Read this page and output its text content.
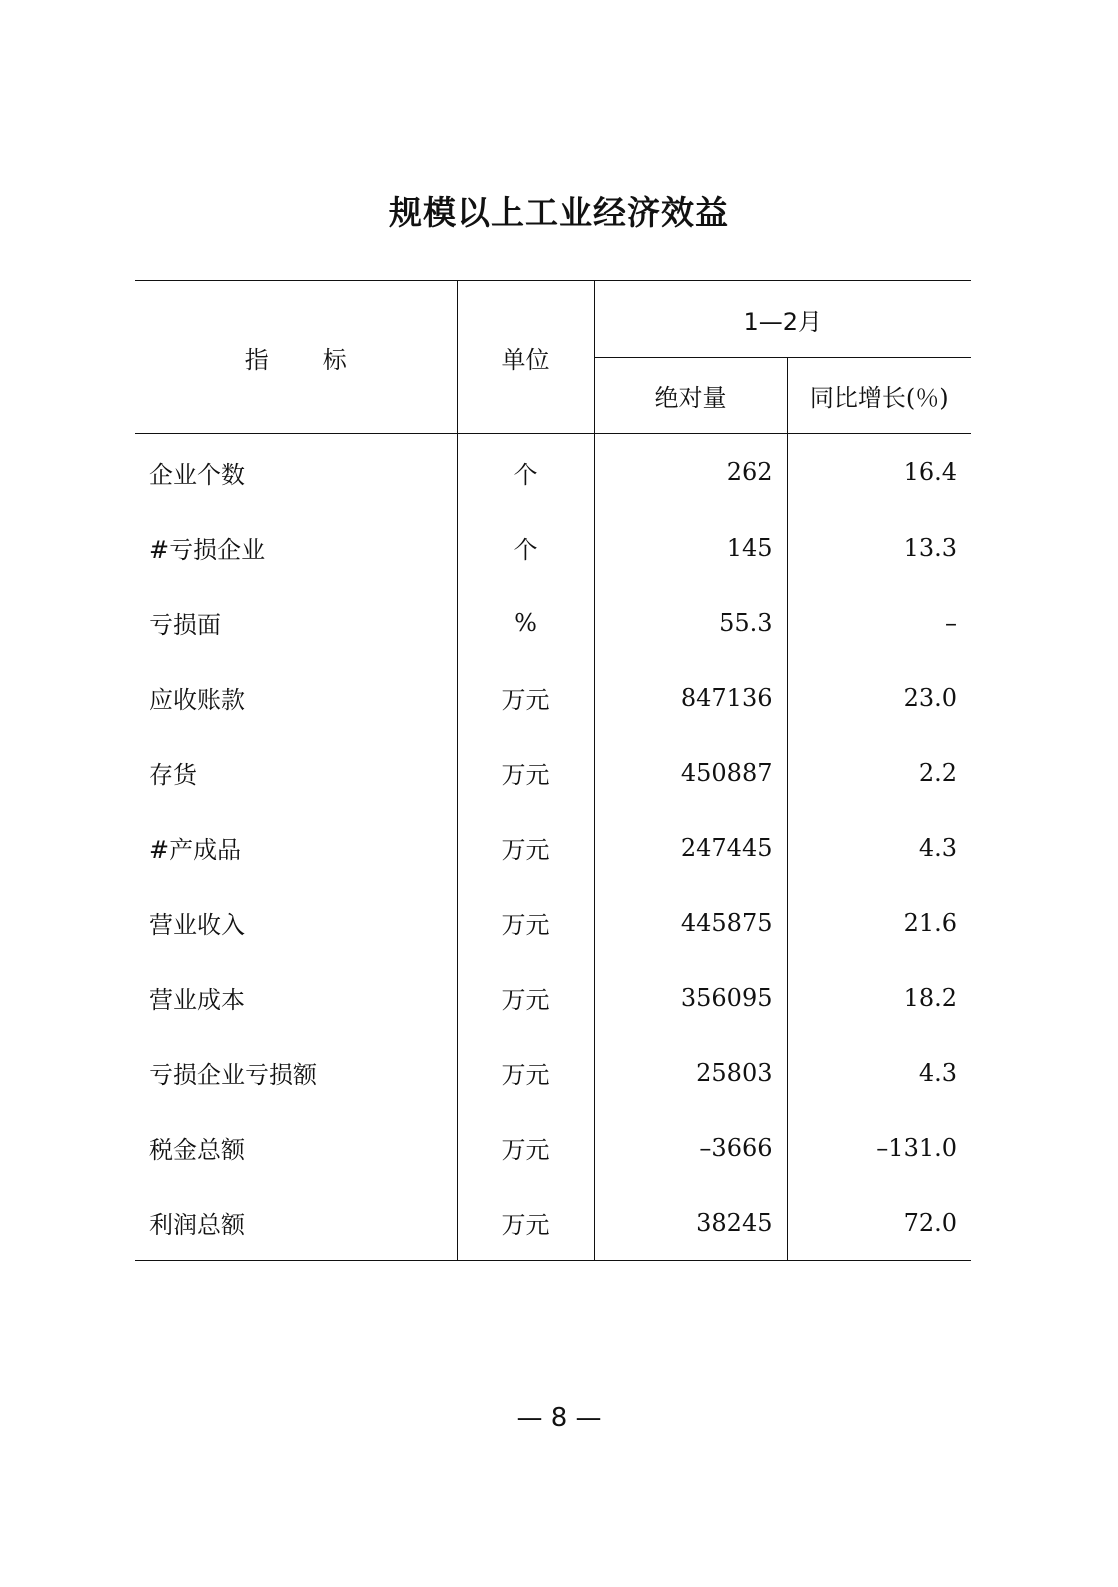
规模以上工业经济效益
指标	单位	1—2月	
		绝对量	同比增长(％)
企业个数	个	262	16.4
#亏损企业	个	145	13.3
亏损面	%	55.3	–
应收账款	万元	847136	23.0
存货	万元	450887	2.2
#产成品	万元	247445	4.3
营业收入	万元	445875	21.6
营业成本	万元	356095	18.2
亏损企业亏损额	万元	25803	4.3
税金总额	万元	–3666	–131.0
利润总额	万元	38245	72.0
— 8 —
